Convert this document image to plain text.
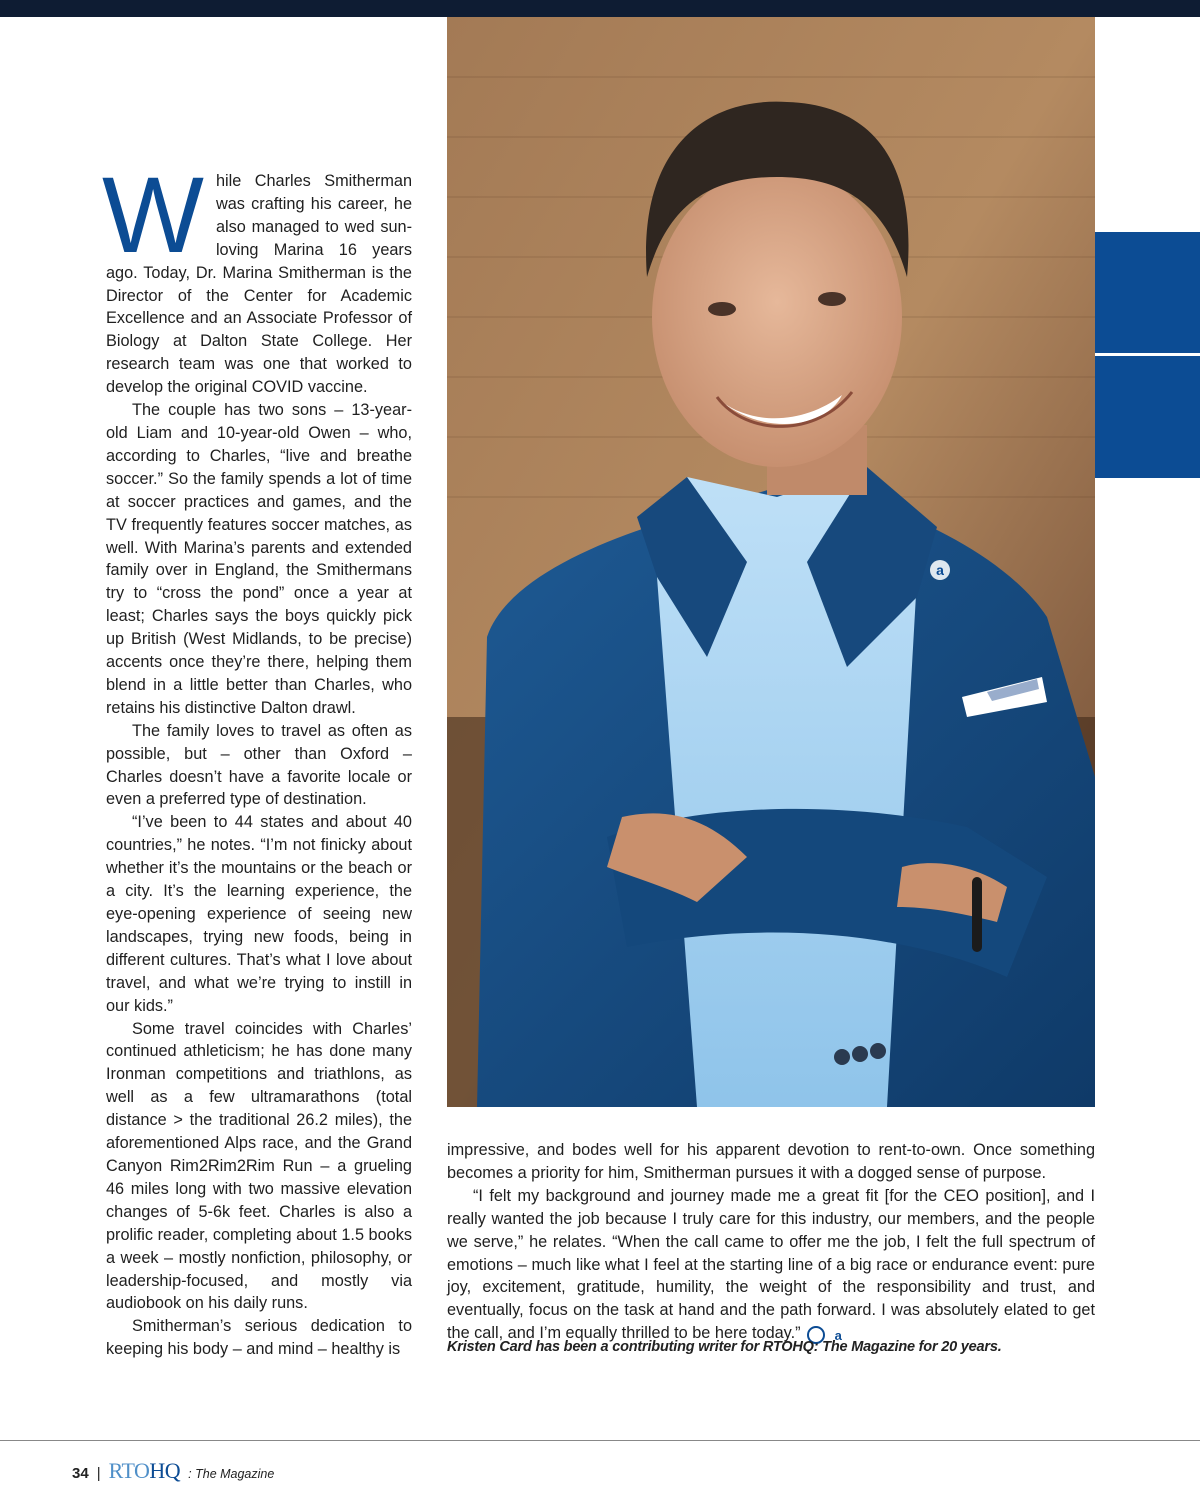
While Charles Smitherman was crafting his career, he also managed to wed sun-loving Marina 16 years ago. Today, Dr. Marina Smitherman is the Director of the Center for Academic Excellence and an Associate Professor of Biology at Dalton State College. Her research team was one that worked to develop the original COVID vaccine.

The couple has two sons – 13-year-old Liam and 10-year-old Owen – who, according to Charles, “live and breathe soccer.” So the family spends a lot of time at soccer practices and games, and the TV frequently features soccer matches, as well. With Marina’s parents and extended family over in England, the Smithermans try to “cross the pond” once a year at least; Charles says the boys quickly pick up British (West Midlands, to be precise) accents once they’re there, helping them blend in a little better than Charles, who retains his distinctive Dalton drawl.

The family loves to travel as often as possible, but – other than Oxford – Charles doesn’t have a favorite locale or even a preferred type of destination.

“I’ve been to 44 states and about 40 countries,” he notes. “I’m not finicky about whether it’s the mountains or the beach or a city. It’s the learning experience, the eye-opening experience of seeing new landscapes, trying new foods, being in different cultures. That’s what I love about travel, and what we’re trying to instill in our kids.”

Some travel coincides with Charles’ continued athleticism; he has done many Ironman competitions and triathlons, as well as a few ultramarathons (total distance > the traditional 26.2 miles), the aforementioned Alps race, and the Grand Canyon Rim2Rim2Rim Run – a grueling 46 miles long with two massive elevation changes of 5-6k feet. Charles is also a prolific reader, completing about 1.5 books a week – mostly nonfiction, philosophy, or leadership-focused, and mostly via audiobook on his daily runs.

Smitherman’s serious dedication to keeping his body – and mind – healthy is

a

impressive, and bodes well for his apparent devotion to rent-to-own. Once something becomes a priority for him, Smitherman pursues it with a dogged sense of purpose.

“I felt my background and journey made me a great fit [for the CEO position], and I really wanted the job because I truly care for this industry, our members, and the people we serve,” he relates. “When the call came to offer me the job, I felt the full spectrum of emotions – much like what I feel at the starting line of a big race or endurance event: pure joy, excitement, gratitude, humility, the weight of the responsibility and trust, and eventually, focus on the task at hand and the path forward. I was absolutely elated to get the call, and I’m equally thrilled to be here today.”	a

Kristen Card has been a contributing writer for RTOHQ: The Magazine for 20 years.
34 | RTOHQ : The Magazine
